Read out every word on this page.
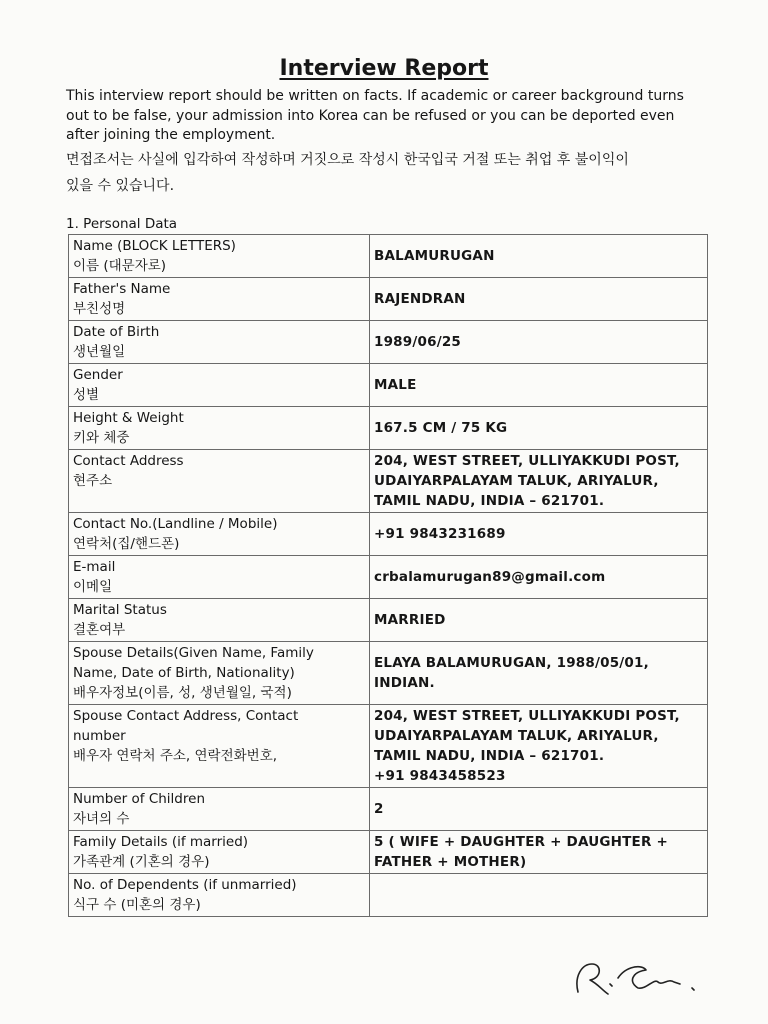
Interview Report
This interview report should be written on facts. If academic or career background turns
out to be false, your admission into Korea can be refused or you can be deported even
after joining the employment.
면접조서는 사실에 입각하여 작성하며 거짓으로 작성시 한국입국 거절 또는 취업 후 불이익이
있을 수 있습니다.
1. Personal Data
Name (BLOCK LETTERS)
이름 (대문자로)	BALAMURUGAN

Father's Name
부친성명	RAJENDRAN

Date of Birth
생년월일	1989/06/25

Gender
성별	MALE

Height & Weight
키와 체중	167.5 CM / 75 KG

Contact Address
현주소	204, WEST STREET, ULLIYAKKUDI POST,
UDAIYARPALAYAM TALUK, ARIYALUR,
TAMIL NADU, INDIA – 621701.

Contact No.(Landline / Mobile)
연락처(집/핸드폰)	+91 9843231689

E-mail
이메일	crbalamurugan89@gmail.com

Marital Status
결혼여부	MARRIED

Spouse Details(Given Name, Family
Name, Date of Birth, Nationality)
배우자정보(이름, 성, 생년월일, 국적)	ELAYA BALAMURUGAN, 1988/05/01,
INDIAN.

Spouse Contact Address, Contact
number
배우자 연락처 주소, 연락전화번호,	204, WEST STREET, ULLIYAKKUDI POST,
UDAIYARPALAYAM TALUK, ARIYALUR,
TAMIL NADU, INDIA – 621701.
+91 9843458523

Number of Children
자녀의 수	2

Family Details (if married)
가족관계 (기혼의 경우)	5 ( WIFE + DAUGHTER + DAUGHTER +
FATHER + MOTHER)

No. of Dependents (if unmarried)
식구 수 (미혼의 경우)	
